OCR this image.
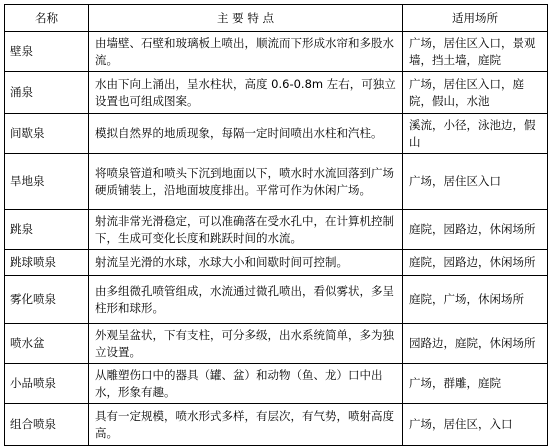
名称	主 要 特 点	适用场所
壁泉	由墙壁、石壁和玻璃板上喷出，顺流而下形成水帘和多股水流。	广场，居住区入口，景观墙，挡土墙，庭院
涌泉	水由下向上涌出，呈水柱状，高度 0.6-0.8m 左右，可独立设置也可组成图案。	广场，居住区入口，庭院，假山，水池
间歇泉	模拟自然界的地质现象，每隔一定时间喷出水柱和汽柱。	溪流，小径，泳池边，假山
旱地泉	将喷泉管道和喷头下沉到地面以下，喷水时水流回落到广场硬质铺装上，沿地面坡度排出。平常可作为休闲广场。	广场，居住区入口
跳泉	射流非常光滑稳定，可以准确落在受水孔中，在计算机控制下，生成可变化长度和跳跃时间的水流。	庭院，园路边，休闲场所
跳球喷泉	射流呈光滑的水球，水球大小和间歇时间可控制。	庭院，园路边，休闲场所
雾化喷泉	由多组微孔喷管组成，水流通过微孔喷出，看似雾状，多呈柱形和球形。	庭院，广场，休闲场所
喷水盆	外观呈盆状，下有支柱，可分多级，出水系统简单，多为独立设置。	园路边，庭院，休闲场所
小品喷泉	从雕塑伤口中的器具（罐、盆）和动物（鱼、龙）口中出水，形象有趣。	广场，群雕，庭院
组合喷泉	具有一定规模，喷水形式多样，有层次，有气势，喷射高度高。	广场，居住区，入口
